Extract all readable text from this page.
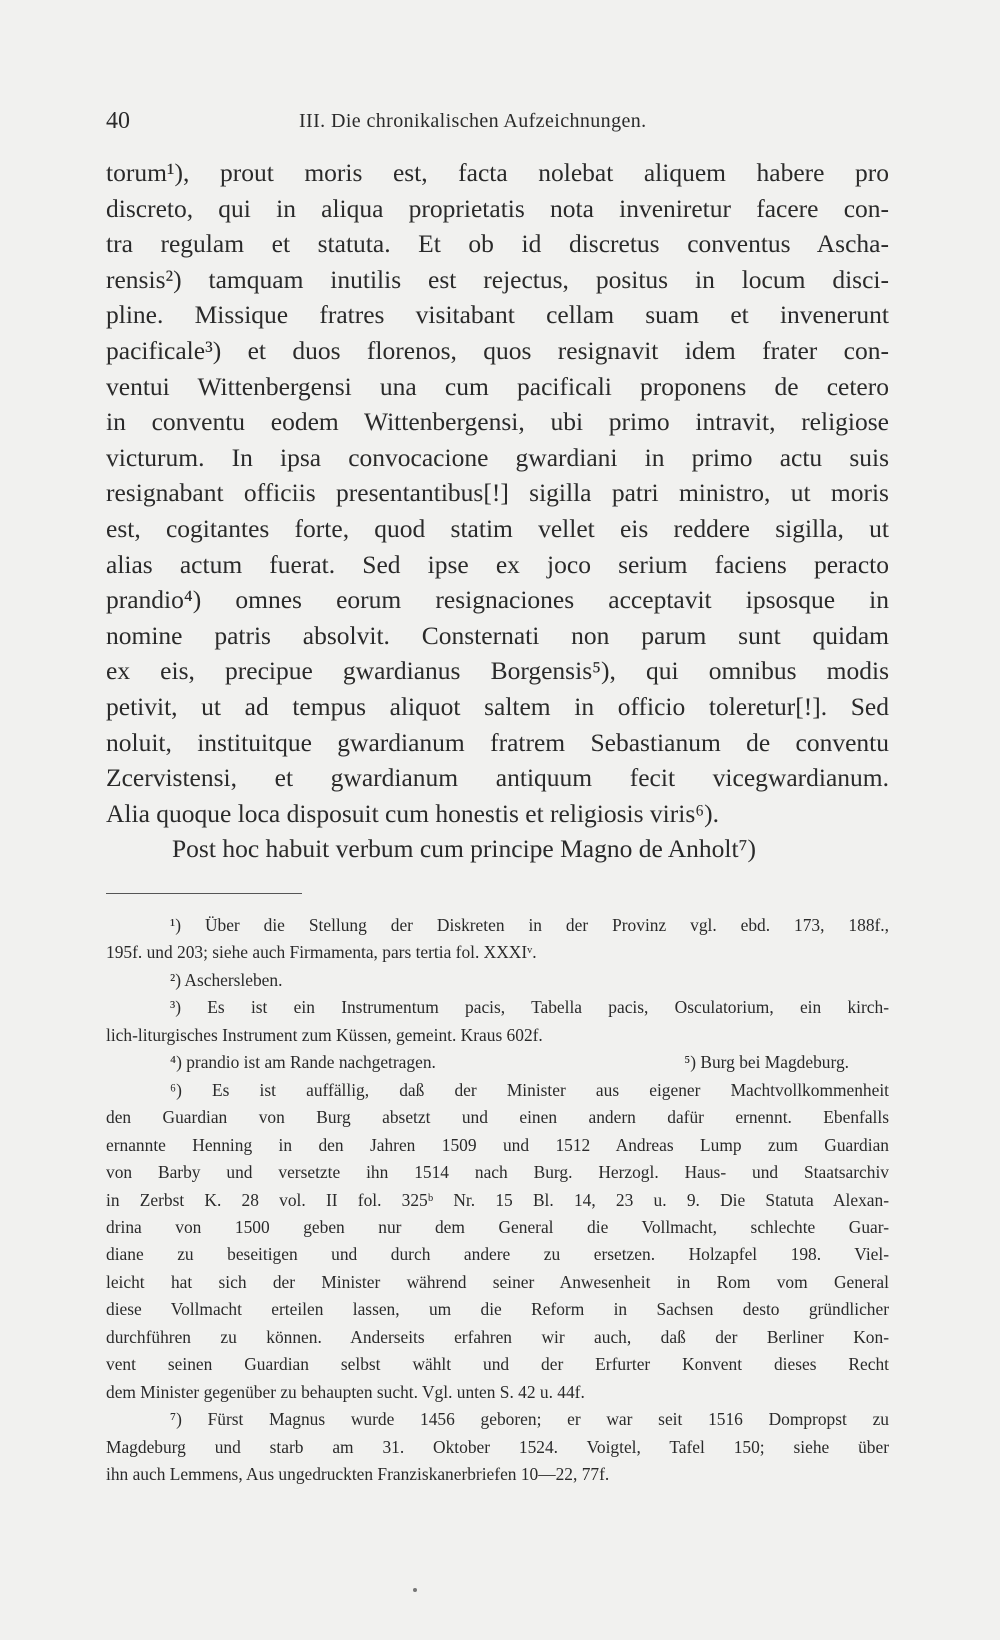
40	III. Die chronikalischen Aufzeichnungen.
torum¹), prout moris est, facta nolebat aliquem habere pro
discreto, qui in aliqua proprietatis nota inveniretur facere con-
tra regulam et statuta. Et ob id discretus conventus Ascha-
rensis²) tamquam inutilis est rejectus, positus in locum disci-
pline. Missique fratres visitabant cellam suam et invenerunt
pacificale³) et duos florenos, quos resignavit idem frater con-
ventui Wittenbergensi una cum pacificali proponens de cetero
in conventu eodem Wittenbergensi, ubi primo intravit, religiose
victurum. In ipsa convocacione gwardiani in primo actu suis
resignabant officiis presentantibus[!] sigilla patri ministro, ut moris
est, cogitantes forte, quod statim vellet eis reddere sigilla, ut
alias actum fuerat. Sed ipse ex joco serium faciens peracto
prandio⁴) omnes eorum resignaciones acceptavit ipsosque in
nomine patris absolvit. Consternati non parum sunt quidam
ex eis, precipue gwardianus Borgensis⁵), qui omnibus modis
petivit, ut ad tempus aliquot saltem in officio toleretur[!]. Sed
noluit, instituitque gwardianum fratrem Sebastianum de conventu
Zcervistensi, et gwardianum antiquum fecit vicegwardianum.
Alia quoque loca disposuit cum honestis et religiosis viris⁶).
Post hoc habuit verbum cum principe Magno de Anholt⁷)
¹) Über die Stellung der Diskreten in der Provinz vgl. ebd. 173, 188f.,
195f. und 203; siehe auch Firmamenta, pars tertia fol. XXXIᵛ.
²) Aschersleben.
³) Es ist ein Instrumentum pacis, Tabella pacis, Osculatorium, ein kirch-
lich-liturgisches Instrument zum Küssen, gemeint. Kraus 602f.
⁴) prandio ist am Rande nachgetragen.	⁵) Burg bei Magdeburg.
⁶) Es ist auffällig, daß der Minister aus eigener Machtvollkommenheit
den Guardian von Burg absetzt und einen andern dafür ernennt. Ebenfalls
ernannte Henning in den Jahren 1509 und 1512 Andreas Lump zum Guardian
von Barby und versetzte ihn 1514 nach Burg. Herzogl. Haus- und Staatsarchiv
in Zerbst K. 28 vol. II fol. 325ᵇ Nr. 15 Bl. 14, 23 u. 9. Die Statuta Alexan-
drina von 1500 geben nur dem General die Vollmacht, schlechte Guar-
diane zu beseitigen und durch andere zu ersetzen. Holzapfel 198. Viel-
leicht hat sich der Minister während seiner Anwesenheit in Rom vom General
diese Vollmacht erteilen lassen, um die Reform in Sachsen desto gründlicher
durchführen zu können. Anderseits erfahren wir auch, daß der Berliner Kon-
vent seinen Guardian selbst wählt und der Erfurter Konvent dieses Recht
dem Minister gegenüber zu behaupten sucht. Vgl. unten S. 42 u. 44f.
⁷) Fürst Magnus wurde 1456 geboren; er war seit 1516 Dompropst zu
Magdeburg und starb am 31. Oktober 1524. Voigtel, Tafel 150; siehe über
ihn auch Lemmens, Aus ungedruckten Franziskanerbriefen 10—22, 77f.
